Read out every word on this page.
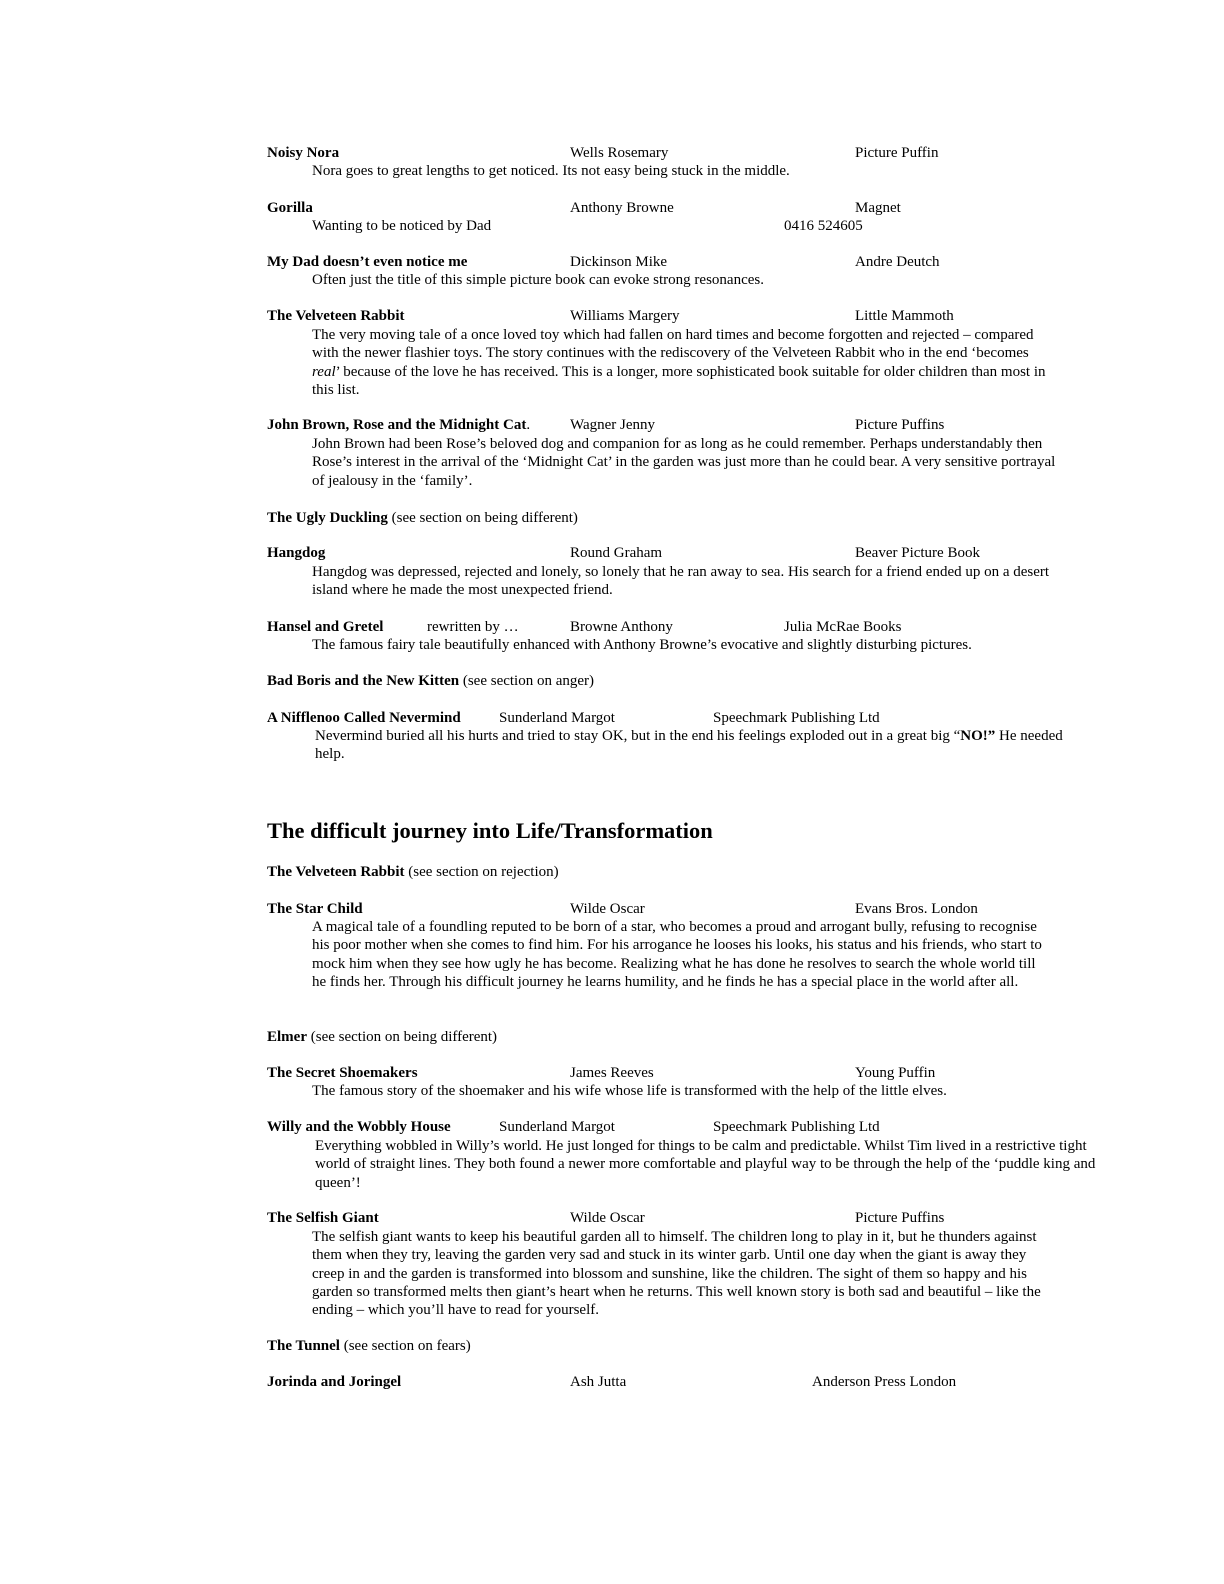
Noisy Nora	Wells Rosemary	Picture Puffin
Nora goes to great lengths to get noticed. Its not easy being stuck in the middle.
Gorilla	Anthony Browne	Magnet
Wanting to be noticed by Dad	0416 524605
My Dad doesn’t even notice me	Dickinson Mike	Andre Deutch
Often just the title of this simple picture book can evoke strong resonances.
The Velveteen Rabbit	Williams Margery	Little Mammoth
The very moving tale of a once loved toy which had fallen on hard times and become forgotten and rejected – compared with the newer flashier toys. The story continues with the rediscovery of the Velveteen Rabbit who in the end ‘becomes real’ because of the love he has received. This is a longer, more sophisticated book suitable for older children than most in this list.
John Brown, Rose and the Midnight Cat.	Wagner Jenny	Picture Puffins
John Brown had been Rose’s beloved dog and companion for as long as he could remember. Perhaps understandably then Rose’s interest in the arrival of the ‘Midnight Cat’ in the garden was just more than he could bear. A very sensitive portrayal of jealousy in the ‘family’.
The Ugly Duckling (see section on being different)
Hangdog	Round Graham	Beaver Picture Book
Hangdog was depressed, rejected and lonely, so lonely that he ran away to sea. His search for a friend ended up on a desert island where he made the most unexpected friend.
Hansel and Gretel	rewritten by …	Browne Anthony	Julia McRae Books
The famous fairy tale beautifully enhanced with Anthony Browne’s evocative and slightly disturbing pictures.
Bad Boris and the New Kitten (see section on anger)
A Nifflenoo Called Nevermind	Sunderland Margot	Speechmark Publishing Ltd
Nevermind buried all his hurts and tried to stay OK, but in the end his feelings exploded out in a great big “NO!” He needed help.
The difficult journey into Life/Transformation
The Velveteen Rabbit (see section on rejection)
The Star Child	Wilde Oscar	Evans Bros. London
A magical tale of a foundling reputed to be born of a star, who becomes a proud and arrogant bully, refusing to recognise his poor mother when she comes to find him. For his arrogance he looses his looks, his status and his friends, who start to mock him when they see how ugly he has become. Realizing what he has done he resolves to search the whole world till he finds her. Through his difficult journey he learns humility, and he finds he has a special place in the world after all.
Elmer (see section on being different)
The Secret Shoemakers	James Reeves	Young Puffin
The famous story of the shoemaker and his wife whose life is transformed with the help of the little elves.
Willy and the Wobbly House	Sunderland Margot	Speechmark Publishing Ltd
Everything wobbled in Willy’s world. He just longed for things to be calm and predictable. Whilst Tim lived in a restrictive tight world of straight lines. They both found a newer more comfortable and playful way to be through the help of the ‘puddle king and queen’!
The Selfish Giant	Wilde Oscar	Picture Puffins
The selfish giant wants to keep his beautiful garden all to himself. The children long to play in it, but he thunders against them when they try, leaving the garden very sad and stuck in its winter garb. Until one day when the giant is away they creep in and the garden is transformed into blossom and sunshine, like the children. The sight of them so happy and his garden so transformed melts then giant’s heart when he returns. This well known story is both sad and beautiful – like the ending – which you’ll have to read for yourself.
The Tunnel (see section on fears)
Jorinda and Joringel	Ash Jutta	Anderson Press London
